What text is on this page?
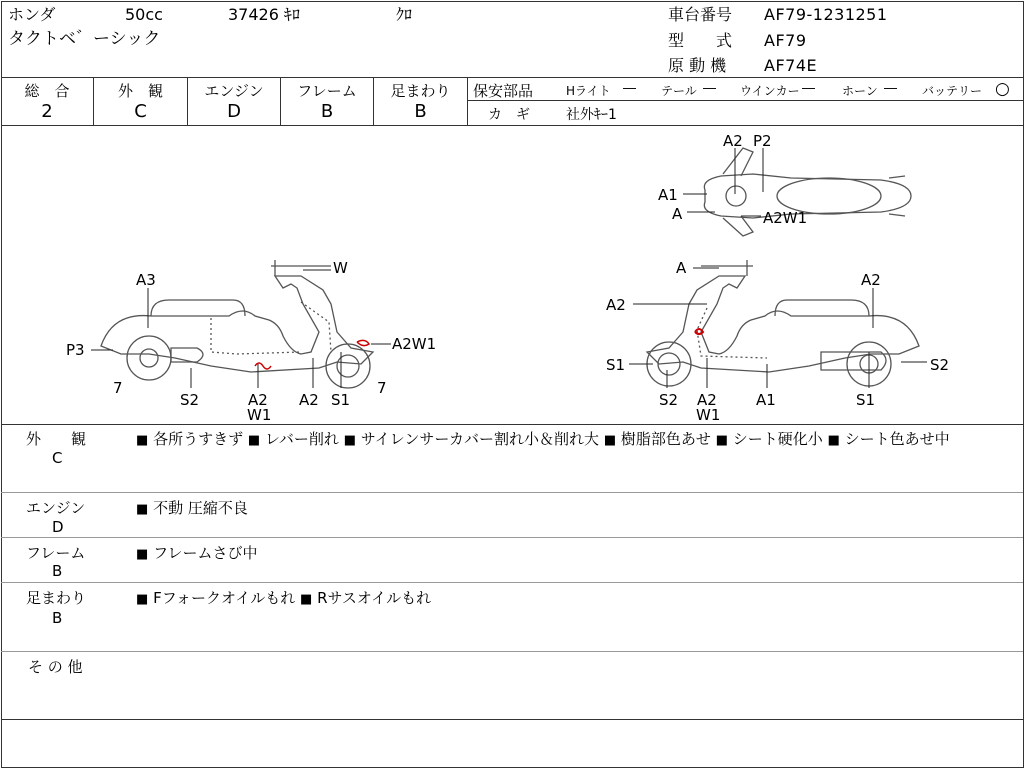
ホンダ	50cc	37426 ｷﾛ	ｸﾛ
タクトベ゛ーシック
車台番号 AF79-1231251
型　　式 AF79
原 動 機 AF74E
総　合
2
外　観
C
エンジン
D
フレーム
B
足まわり
B
保安部品	Hライト ― テール ― ウインカー ― ホーン ― バッテリー ○
カ　ギ	社外ｷｰ1
A3
W
P3
7
A2W1
7
S2	A2
W1
A2 S1
A
A2
A2
S1	S2
S2 A2
W1
A1	S1
A2 P2
A1
A	A2W1
外　　観
C
■ 各所うすきず ■ レバー削れ ■ サイレンサーカバー割れ小＆削れ大 ■ 樹脂部色あせ ■ シート硬化小 ■ シート色あせ中
エンジン
D
■ 不動 圧縮不良
フレーム
B
■ フレームさび中
足まわり
B
■ Fフォークオイルもれ ■ Rサスオイルもれ
そ の 他
